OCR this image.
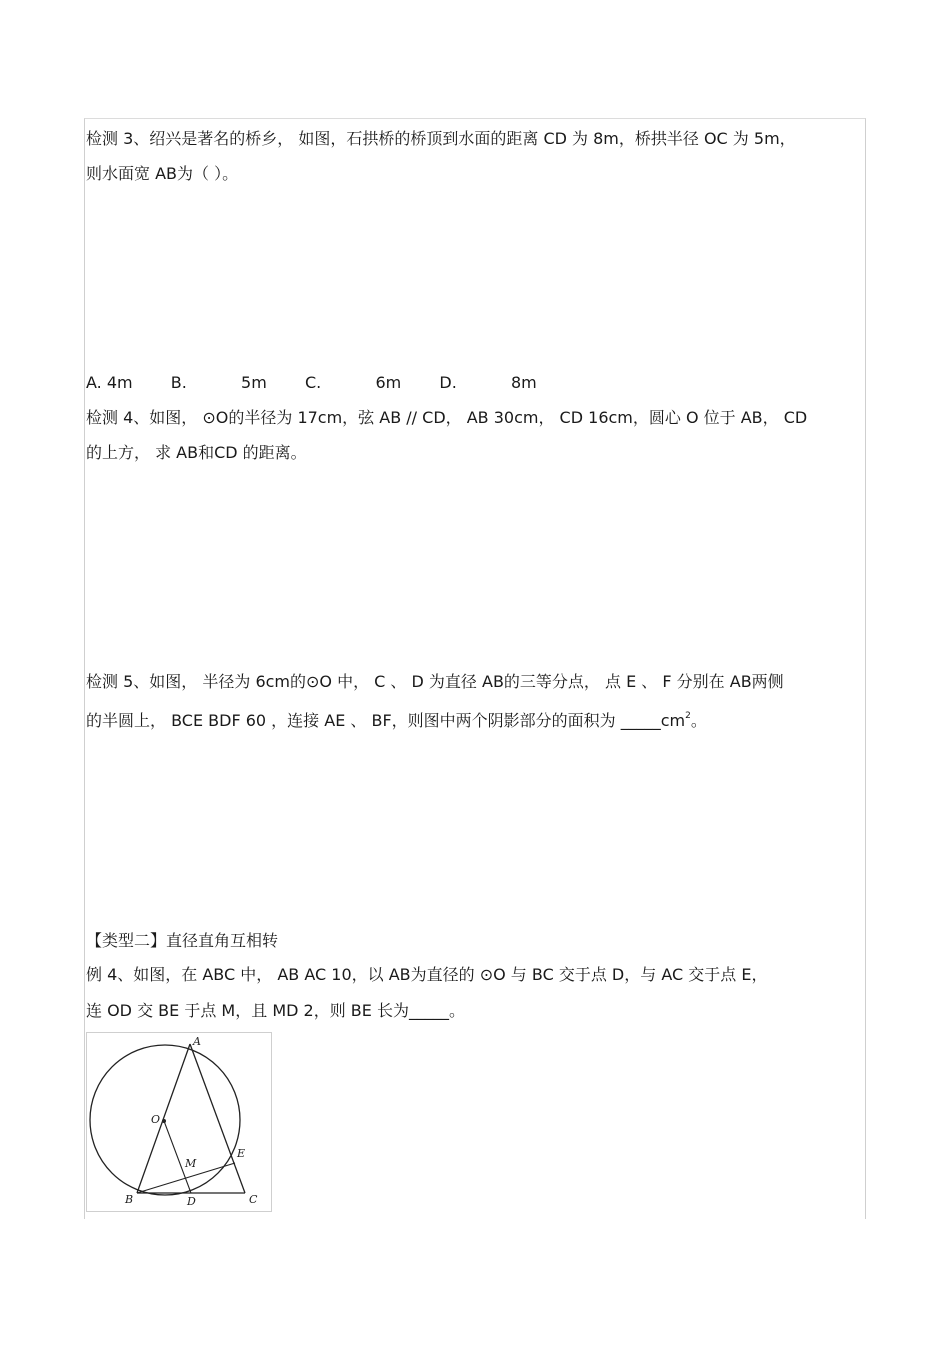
检测 3、绍兴是著名的桥乡， 如图，石拱桥的桥顶到水面的距离 CD 为 8m，桥拱半径 OC 为 5m，
则水面宽 AB为（ ）。
A. 4m B.	5m C.	6m D.	8m
检测 4、如图， ⊙O的半径为 17cm，弦 AB // CD， AB 30cm， CD 16cm，圆心 O 位于 AB， CD
的上方， 求 AB和CD 的距离。
检测 5、如图， 半径为 6cm的⊙O 中， C 、 D 为直径 AB的三等分点， 点 E 、 F 分别在 AB两侧
的半圆上， BCE BDF 60 ，连接 AE 、 BF，则图中两个阴影部分的面积为 $\_\_\_\_\_cm^2$。
【类型二】直径直角互相转
例 4、如图，在 ABC 中， AB AC 10，以 AB为直径的 ⊙O 与 BC 交于点 D，与 AC 交于点 E，
连 OD 交 BE 于点 M，且 MD 2，则 BE 长为_____。
A
O
M
E
B	D	C
